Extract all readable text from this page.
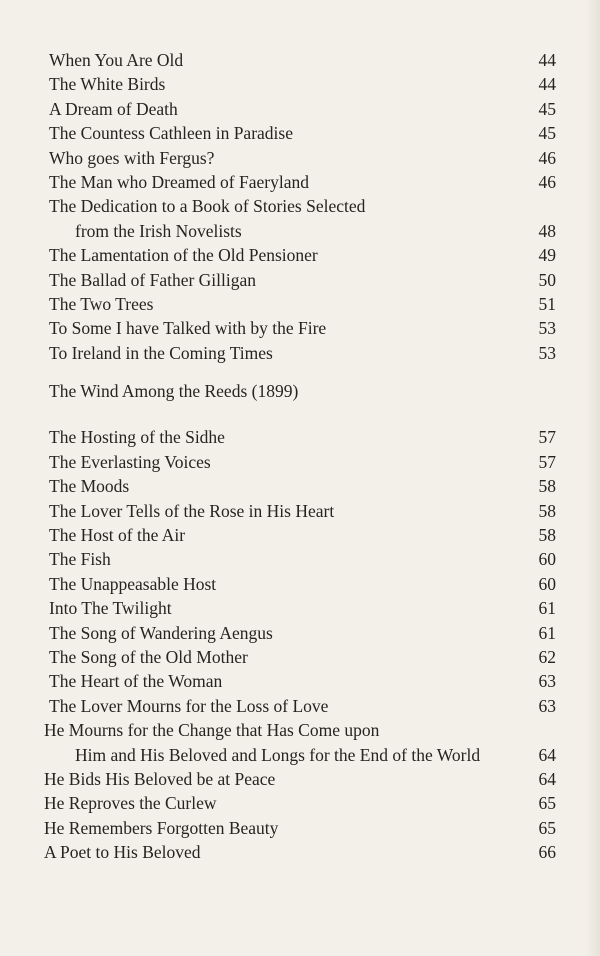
When You Are Old	44
The White Birds	44
A Dream of Death	45
The Countess Cathleen in Paradise	45
Who goes with Fergus?	46
The Man who Dreamed of Faeryland	46
The Dedication to a Book of Stories Selected
from the Irish Novelists	48
The Lamentation of the Old Pensioner	49
The Ballad of Father Gilligan	50
The Two Trees	51
To Some I have Talked with by the Fire	53
To Ireland in the Coming Times	53
The Wind Among the Reeds (1899)
The Hosting of the Sidhe	57
The Everlasting Voices	57
The Moods	58
The Lover Tells of the Rose in His Heart	58
The Host of the Air	58
The Fish	60
The Unappeasable Host	60
Into The Twilight	61
The Song of Wandering Aengus	61
The Song of the Old Mother	62
The Heart of the Woman	63
The Lover Mourns for the Loss of Love	63
He Mourns for the Change that Has Come upon
Him and His Beloved and Longs for the End of the World	64
He Bids His Beloved be at Peace	64
He Reproves the Curlew	65
He Remembers Forgotten Beauty	65
A Poet to His Beloved	66
